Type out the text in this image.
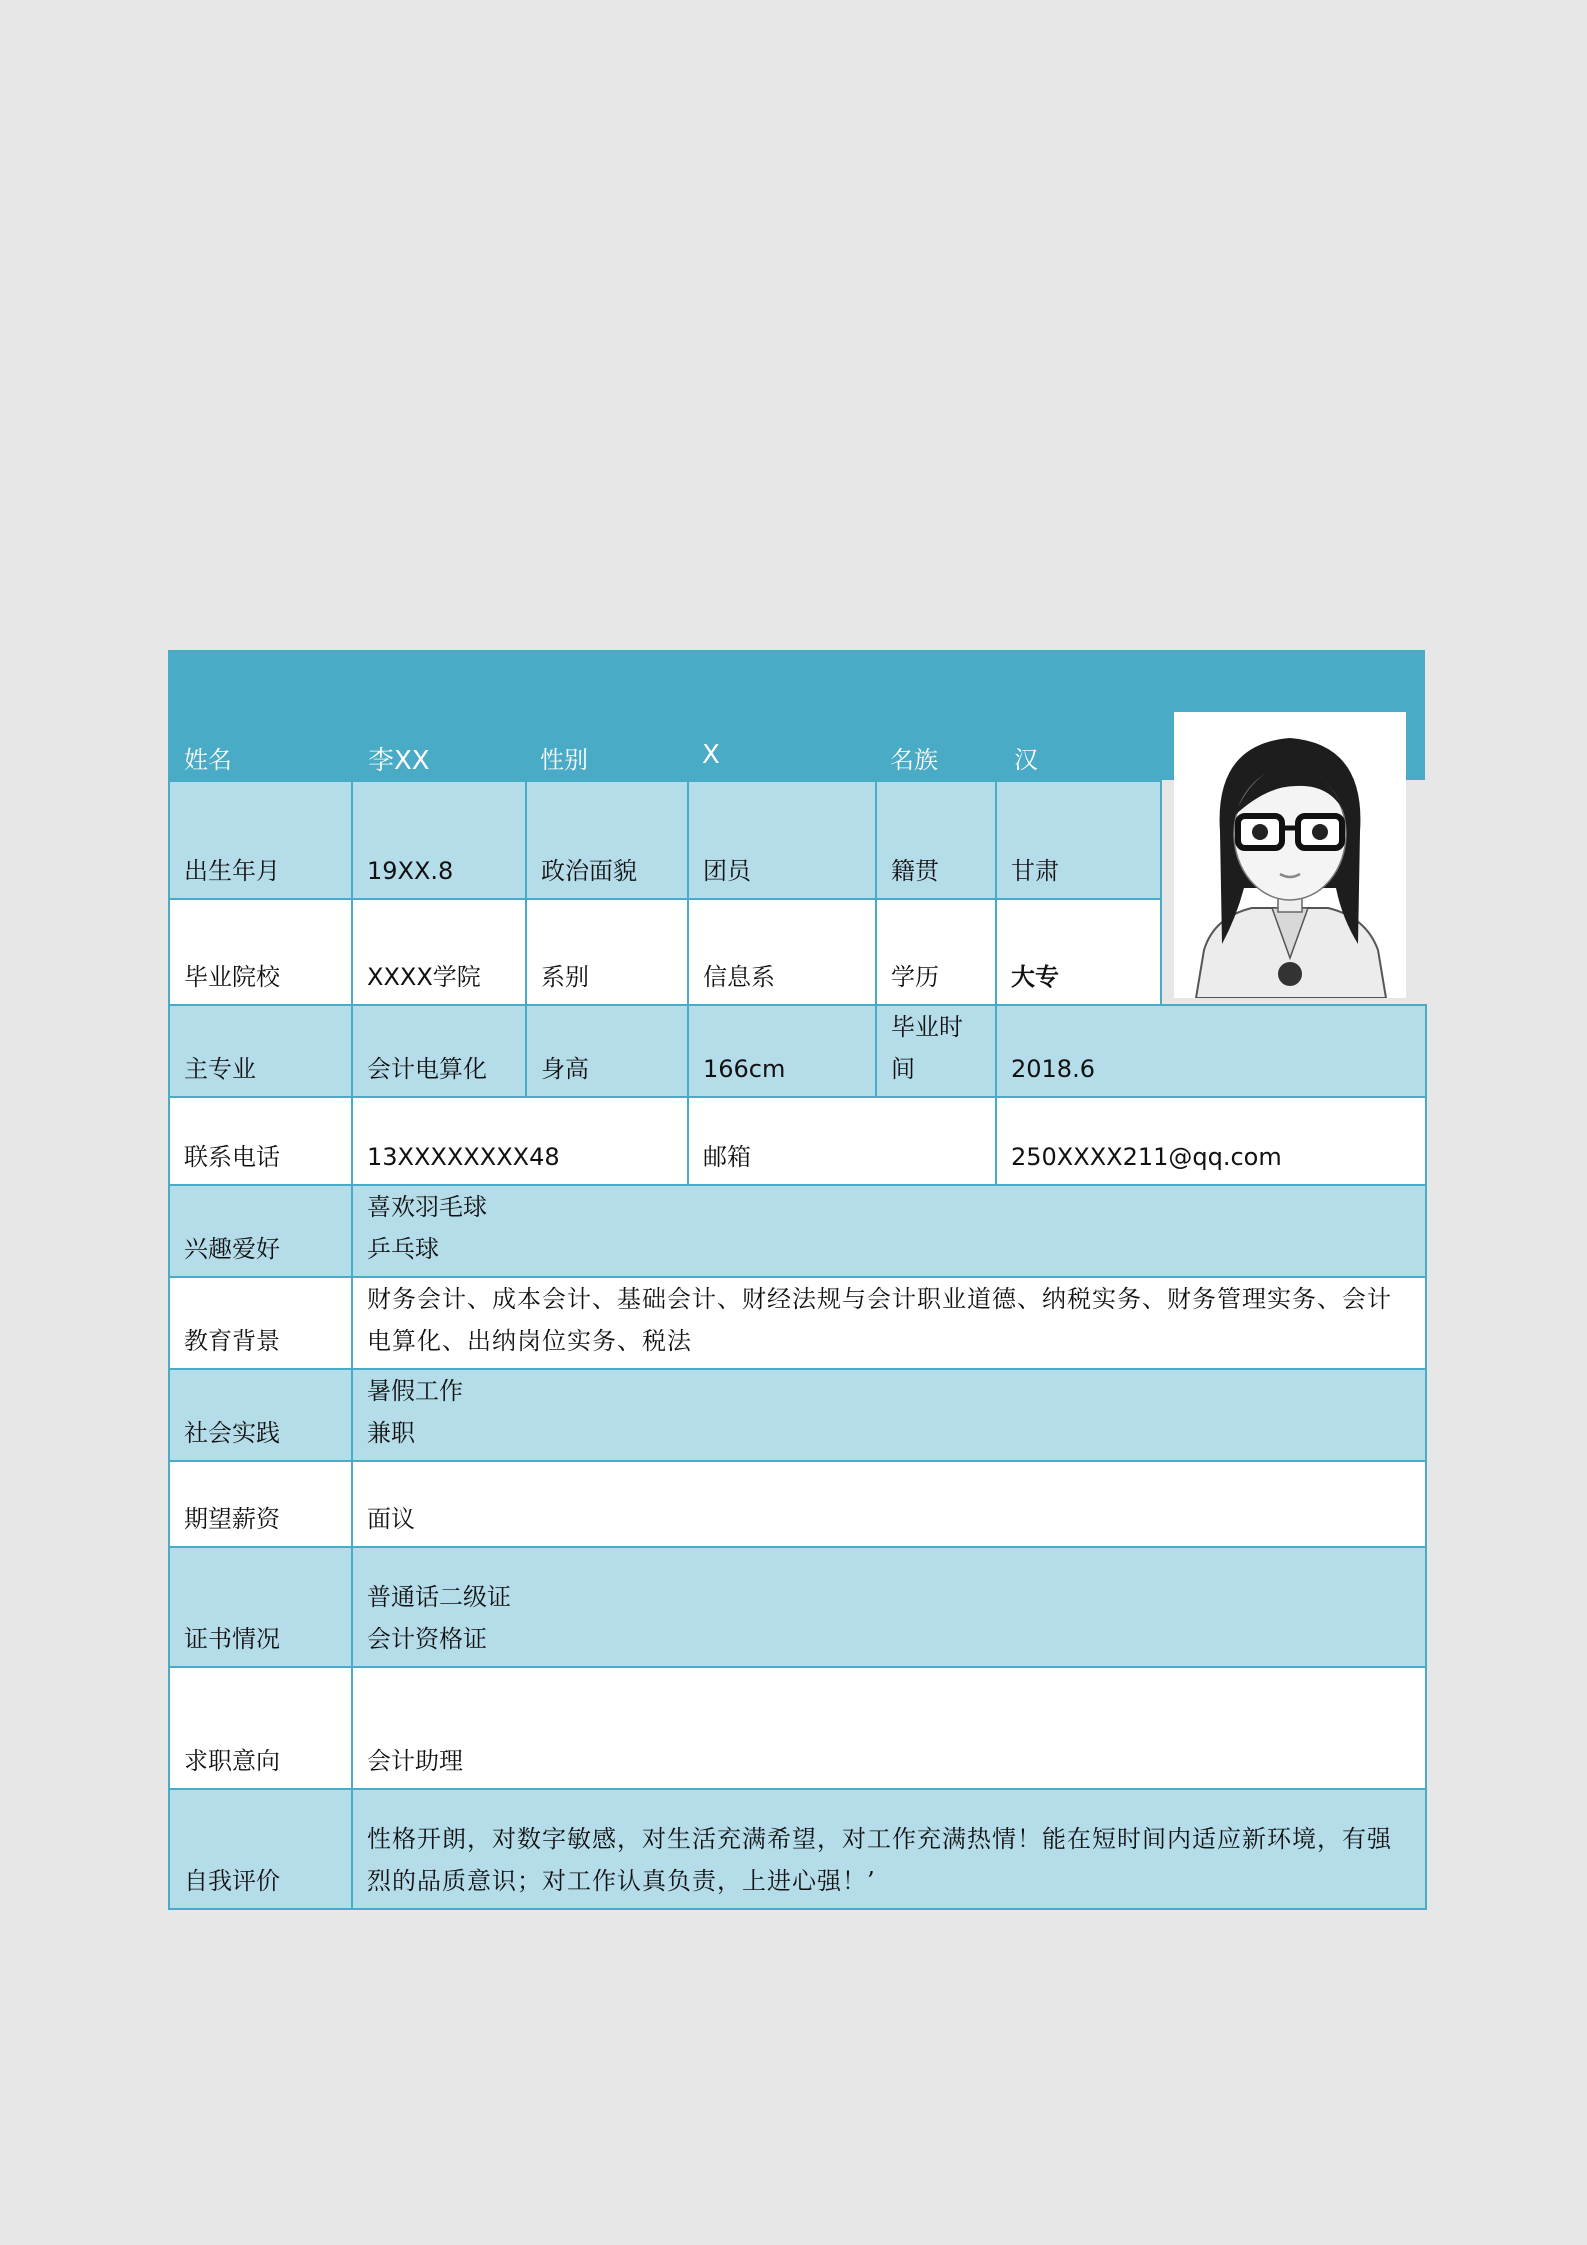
姓名	李XX	性别	X	名族	汉
出生年月	19XX.8	政治面貌	团员	籍贯	甘肃	
毕业院校	XXXX学院	系别	信息系	学历	大专	
主专业	会计电算化	身高	166cm	毕业时间	2018.6	
联系电话	13XXXXXXXX48		邮箱		250XXXX211@qq.com	
兴趣爱好	喜欢羽毛球
乒乓球					

教育背景	财务会计、成本会计、基础会计、财经法规与会计职业道德、纳税实务、财务管理实务、会计电算化、出纳岗位实务、税法					
社会实践	暑假工作
兼职					

期望薪资	面议					
证书情况	普通话二级证
会计资格证					

求职意向	会计助理					
自我评价	性格开朗，对数字敏感，对生活充满希望，对工作充满热情！能在短时间内适应新环境，有强烈的品质意识；对工作认真负责，上进心强！’					
